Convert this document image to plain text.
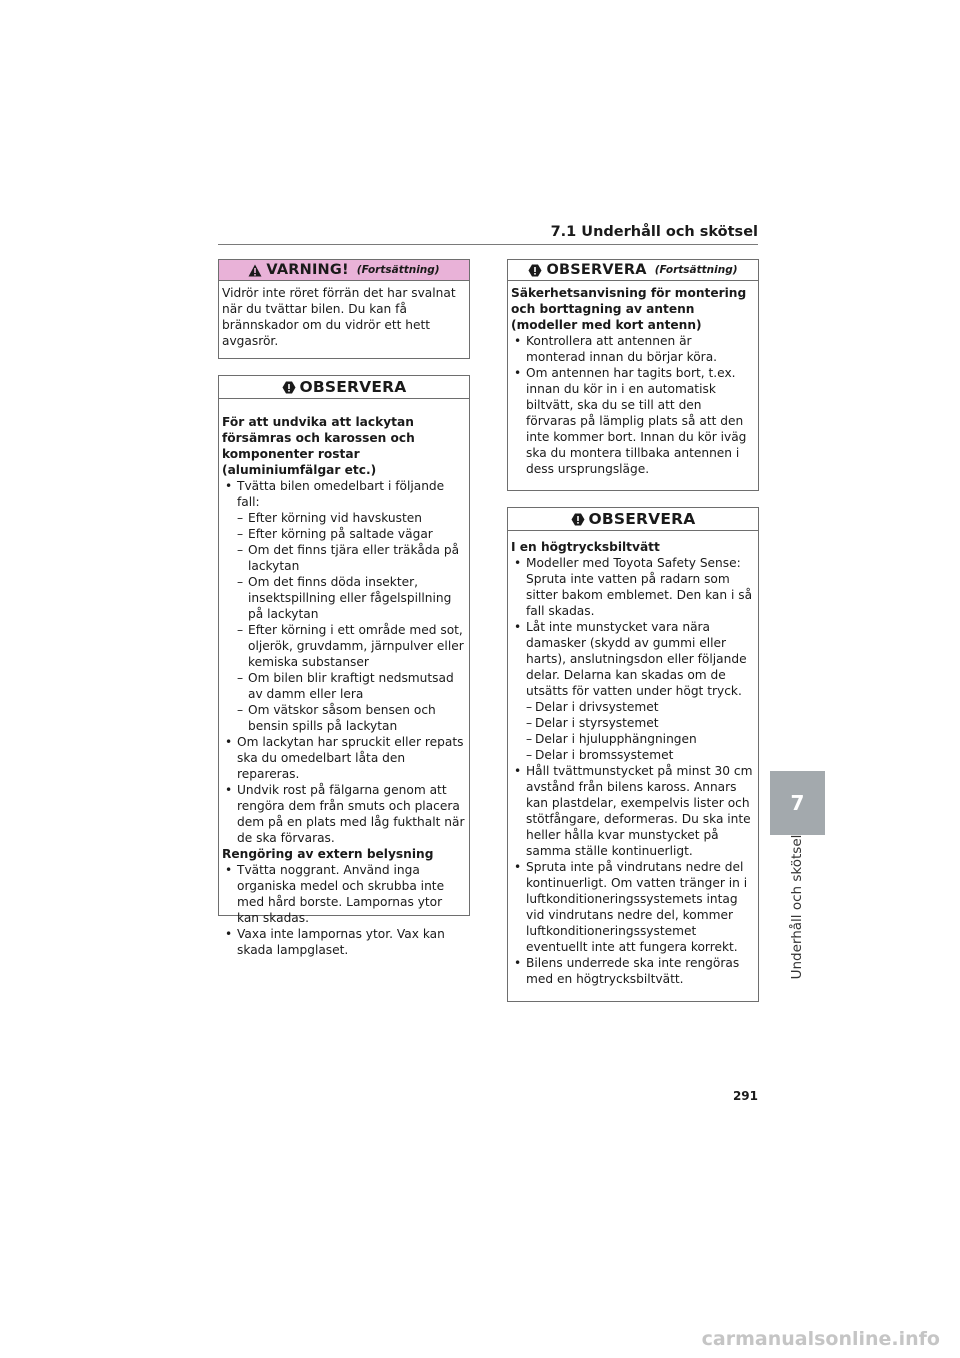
7.1 Underhåll och skötsel
VARNING! (Fortsättning)

Vidrör inte röret förrän det har svalnat när du tvättar bilen. Du kan få brännskador om du vidrör ett hett avgasrör.

OBSERVERA

För att undvika att lackytan försämras och karossen och komponenter rostar (aluminiumfälgar etc.)

• Tvätta bilen omedelbart i följande fall:

– Efter körning vid havskusten

– Efter körning på saltade vägar

– Om det finns tjära eller träkåda på lackytan

– Om det finns döda insekter, insektspillning eller fågelspillning på lackytan

– Efter körning i ett område med sot, oljerök, gruvdamm, järnpulver eller kemiska substanser

– Om bilen blir kraftigt nedsmutsad av damm eller lera

– Om vätskor såsom bensen och bensin spills på lackytan

• Om lackytan har spruckit eller repats ska du omedelbart låta den repareras.

• Undvik rost på fälgarna genom att rengöra dem från smuts och placera dem på en plats med låg fukthalt när de ska förvaras.

Rengöring av extern belysning

• Tvätta noggrant. Använd inga organiska medel och skrubba inte med hård borste. Lampornas ytor kan skadas.

• Vaxa inte lampornas ytor. Vax kan skada lampglaset.

OBSERVERA (Fortsättning)

Säkerhetsanvisning för montering och borttagning av antenn (modeller med kort antenn)

• Kontrollera att antennen är monterad innan du börjar köra.

• Om antennen har tagits bort, t.ex. innan du kör in i en automatisk biltvätt, ska du se till att den förvaras på lämplig plats så att den inte kommer bort. Innan du kör iväg ska du montera tillbaka antennen i dess ursprungsläge.

OBSERVERA

I en högtrycksbiltvätt

• Modeller med Toyota Safety Sense: Spruta inte vatten på radarn som sitter bakom emblemet. Den kan i så fall skadas.

• Låt inte munstycket vara nära damasker (skydd av gummi eller harts), anslutningsdon eller följande delar. Delarna kan skadas om de utsätts för vatten under högt tryck.

– Delar i drivsystemet

– Delar i styrsystemet

– Delar i hjulupphängningen

– Delar i bromssystemet

• Håll tvättmunstycket på minst 30 cm avstånd från bilens kaross. Annars kan plastdelar, exempelvis lister och stötfångare, deformeras. Du ska inte heller hålla kvar munstycket på samma ställe kontinuerligt.

• Spruta inte på vindrutans nedre del kontinuerligt. Om vatten tränger in i luftkonditioneringssystemets intag vid vindrutans nedre del, kommer luftkonditioneringssystemet eventuellt inte att fungera korrekt.

• Bilens underrede ska inte rengöras med en högtrycksbiltvätt.

7
Underhåll och skötsel
291
carmanualsonline.info
